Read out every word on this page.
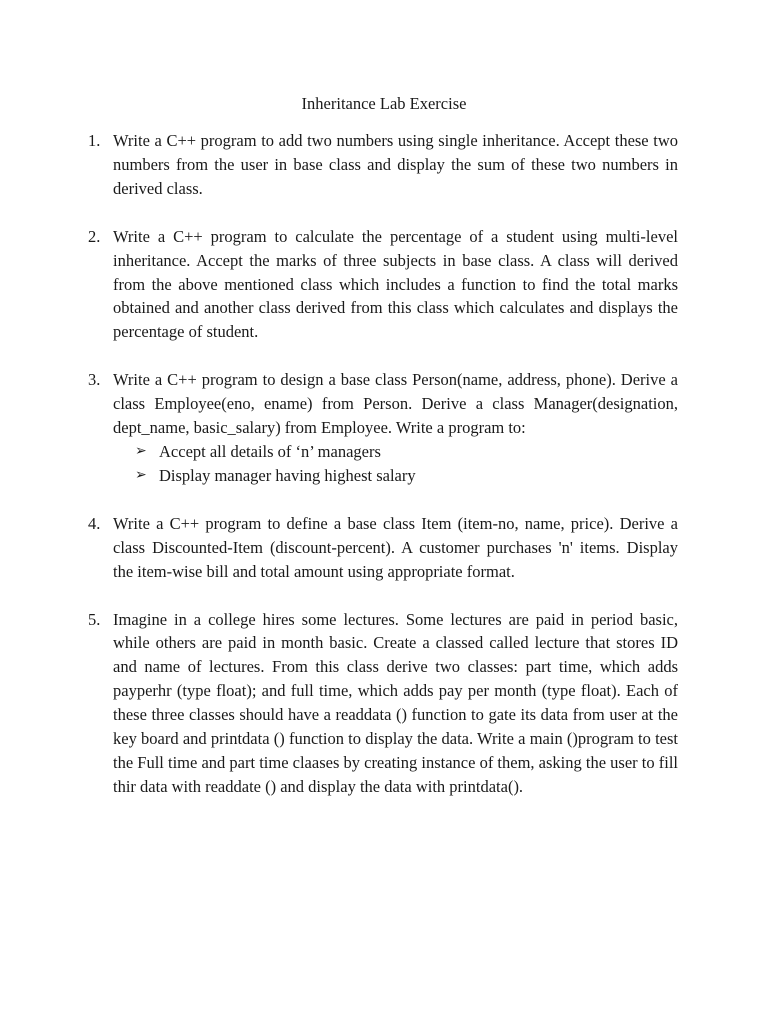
Inheritance Lab Exercise
1. Write a C++ program to add two numbers using single inheritance. Accept these two numbers from the user in base class and display the sum of these two numbers in derived class.
2. Write a C++ program to calculate the percentage of a student using multi-level inheritance. Accept the marks of three subjects in base class. A class will derived from the above mentioned class which includes a function to find the total marks obtained and another class derived from this class which calculates and displays the percentage of student.
3. Write a C++ program to design a base class Person(name, address, phone). Derive a class Employee(eno, ename) from Person. Derive a class Manager(designation, dept_name, basic_salary) from Employee. Write a program to:
➢ Accept all details of ‘n’ managers
➢ Display manager having highest salary
4. Write a C++ program to define a base class Item (item-no, name, price). Derive a class Discounted-Item (discount-percent). A customer purchases 'n' items. Display the item-wise bill and total amount using appropriate format.
5. Imagine in a college hires some lectures. Some lectures are paid in period basic, while others are paid in month basic. Create a classed called lecture that stores ID and name of lectures. From this class derive two classes: part time, which adds payperhr (type float); and full time, which adds pay per month (type float). Each of these three classes should have a readdata () function to gate its data from user at the key board and printdata () function to display the data. Write a main ()program to test the Full time and part time claases by creating instance of them, asking the user to fill thir data with readdate () and display the data with printdata().
